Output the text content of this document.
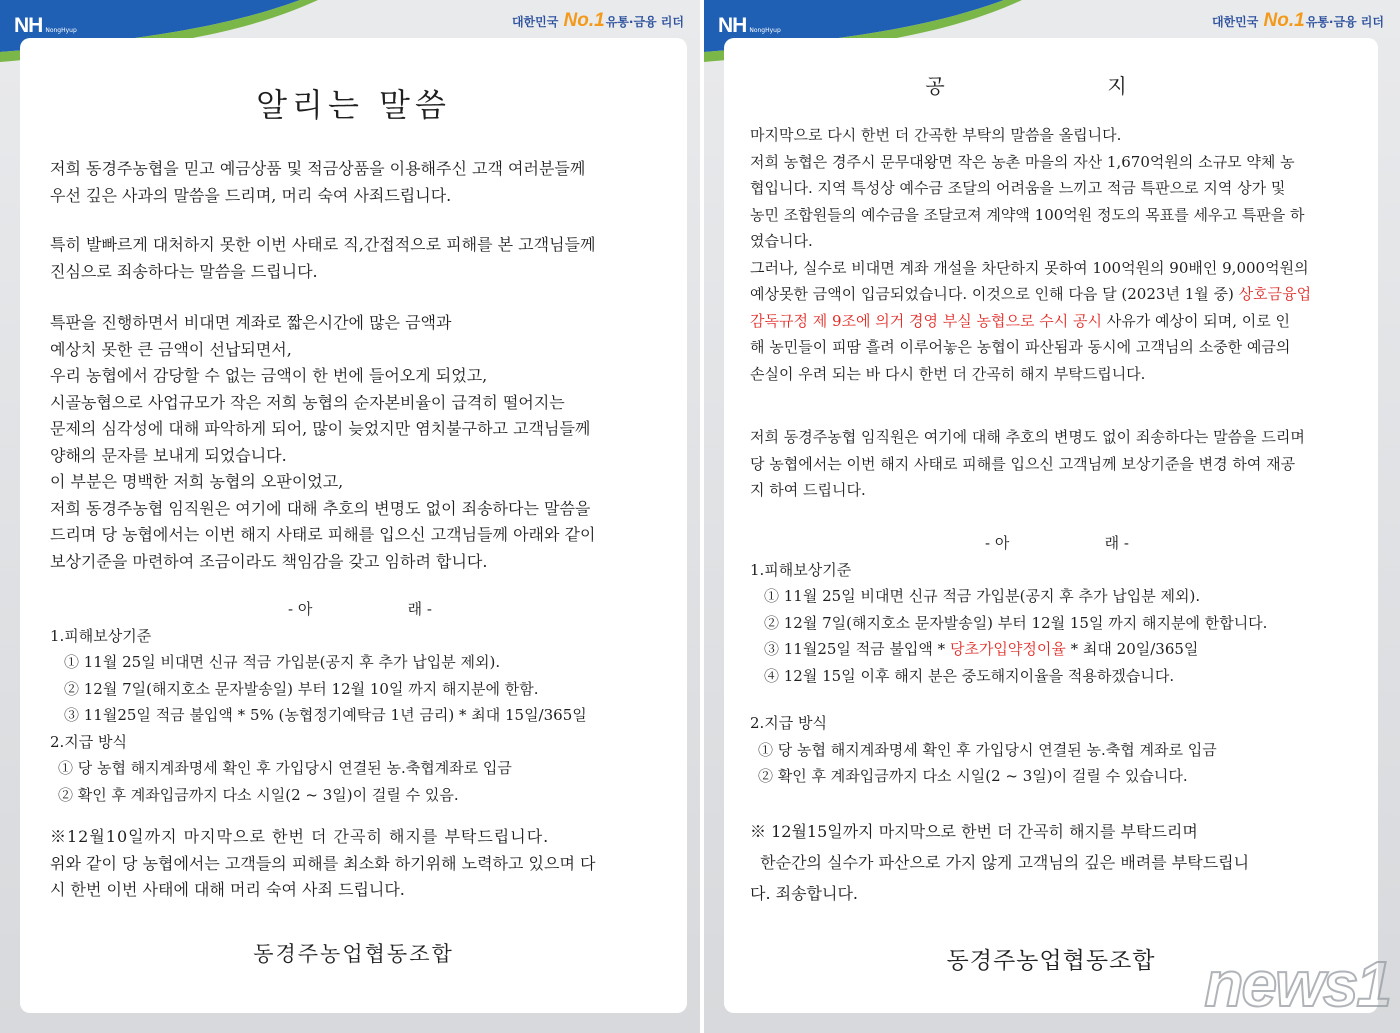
NH NongHyup
대한민국 No.1유통·금융 리더
알리는 말씀
저희 동경주농협을 믿고 예금상품 및 적금상품을 이용해주신 고객 여러분들께
우선 깊은 사과의 말씀을 드리며, 머리 숙여 사죄드립니다.
특히 발빠르게 대처하지 못한 이번 사태로 직,간접적으로 피해를 본 고객님들께
진심으로 죄송하다는 말씀을 드립니다.
특판을 진행하면서 비대면 계좌로 짧은시간에 많은 금액과
예상치 못한 큰 금액이 선납되면서,
우리 농협에서 감당할 수 없는 금액이 한 번에 들어오게 되었고,
시골농협으로 사업규모가 작은 저희 농협의 순자본비율이 급격히 떨어지는
문제의 심각성에 대해 파악하게 되어, 많이 늦었지만 염치불구하고 고객님들께
양해의 문자를 보내게 되었습니다.
이 부분은 명백한 저희 농협의 오판이었고,
저희 동경주농협 임직원은 여기에 대해 추호의 변명도 없이 죄송하다는 말씀을
드리며 당 농협에서는 이번 해지 사태로 피해를 입으신 고객님들께 아래와 같이
보상기준을 마련하여 조금이라도 책임감을 갖고 임하려 합니다.
- 아                    래 -
1.피해보상기준
① 11월 25일 비대면 신규 적금 가입분(공지 후 추가 납입분 제외).
② 12월 7일(해지호소 문자발송일) 부터 12월 10일 까지 해지분에 한함.
③ 11월25일 적금 불입액 * 5% (농협정기예탁금 1년 금리) * 최대 15일/365일
2.지급 방식
① 당 농협 해지계좌명세 확인 후 가입당시 연결된 농.축협계좌로 입금
② 확인 후 계좌입금까지 다소 시일(2 ~ 3일)이 걸릴 수 있음.
※12월10일까지 마지막으로 한번 더 간곡히 해지를 부탁드립니다.
위와 같이 당 농협에서는 고객들의 피해를 최소화 하기위해 노력하고 있으며 다
시 한번 이번 사태에 대해 머리 숙여 사죄 드립니다.
동경주농업협동조합
NH NongHyup
대한민국 No.1유통·금융 리더
공  지
마지막으로 다시 한번 더 간곡한 부탁의 말씀을 올립니다.
저희 농협은 경주시 문무대왕면 작은 농촌 마을의 자산 1,670억원의 소규모 약체 농
협입니다. 지역 특성상 예수금 조달의 어려움을 느끼고 적금 특판으로 지역 상가 및
농민 조합원들의 예수금을 조달코져 계약액 100억원 정도의 목표를 세우고 특판을 하
였습니다.
그러나, 실수로 비대면 계좌 개설을 차단하지 못하여 100억원의 90배인 9,000억원의
예상못한 금액이 입금되었습니다. 이것으로 인해 다음 달 (2023년 1월 중) 상호금융업
감독규정 제 9조에 의거 경영 부실 농협으로 수시 공시 사유가 예상이 되며, 이로 인
해 농민들이 피땀 흘려 이루어놓은 농협이 파산됨과 동시에 고객님의 소중한 예금의
손실이 우려 되는 바 다시 한번 더 간곡히 해지 부탁드립니다.
저희 동경주농협 임직원은 여기에 대해 추호의 변명도 없이 죄송하다는 말씀을 드리며
당 농협에서는 이번 해지 사태로 피해를 입으신 고객님께 보상기준을 변경 하여 재공
지 하여 드립니다.
- 아                    래 -
1.피해보상기준
① 11월 25일 비대면 신규 적금 가입분(공지 후 추가 납입분 제외).
② 12월 7일(해지호소 문자발송일) 부터 12월 15일 까지 해지분에 한합니다.
③ 11월25일 적금 불입액 * 당초가입약정이율 * 최대 20일/365일
④ 12월 15일 이후 해지 분은 중도해지이율을 적용하겠습니다.
2.지급 방식
① 당 농협 해지계좌명세 확인 후 가입당시 연결된 농.축협 계좌로 입금
② 확인 후 계좌입금까지 다소 시일(2 ~ 3일)이 걸릴 수 있습니다.
※ 12월15일까지 마지막으로 한번 더 간곡히 해지를 부탁드리며
한순간의 실수가 파산으로 가지 않게 고객님의 깊은 배려를 부탁드립니
다. 죄송합니다.
동경주농업협동조합 news1
